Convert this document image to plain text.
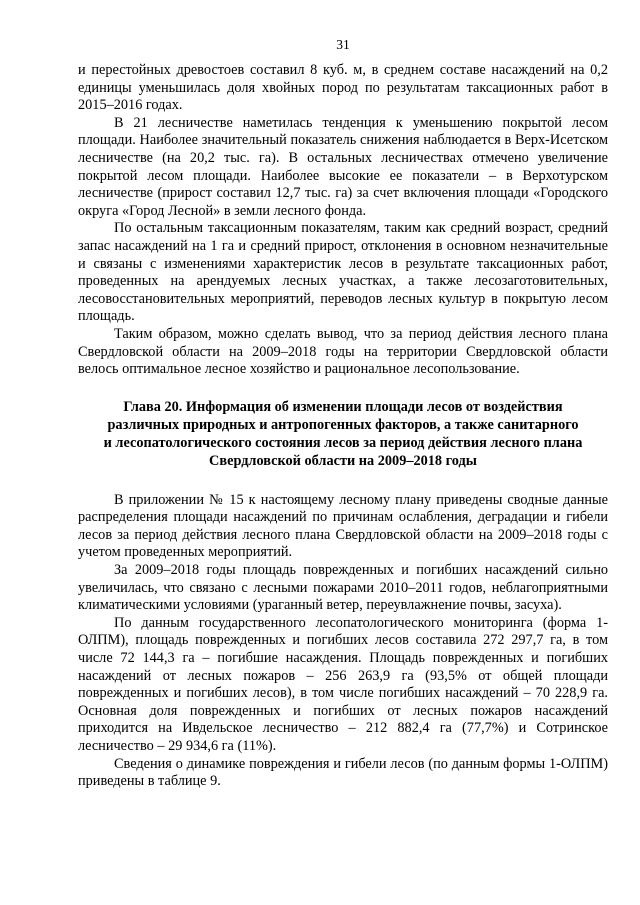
31

и перестойных древостоев составил 8 куб. м, в среднем составе насаждений на 0,2 единицы уменьшилась доля хвойных пород по результатам таксационных работ в 2015–2016 годах.

В 21 лесничестве наметилась тенденция к уменьшению покрытой лесом площади. Наиболее значительный показатель снижения наблюдается в Верх-Исетском лесничестве (на 20,2 тыс. га). В остальных лесничествах отмечено увеличение покрытой лесом площади. Наиболее высокие ее показатели – в Верхотурском лесничестве (прирост составил 12,7 тыс. га) за счет включения площади «Городского округа «Город Лесной» в земли лесного фонда.

По остальным таксационным показателям, таким как средний возраст, средний запас насаждений на 1 га и средний прирост, отклонения в основном незначительные и связаны с изменениями характеристик лесов в результате таксационных работ, проведенных на арендуемых лесных участках, а также лесозаготовительных, лесовосстановительных мероприятий, переводов лесных культур в покрытую лесом площадь.

Таким образом, можно сделать вывод, что за период действия лесного плана Свердловской области на 2009–2018 годы на территории Свердловской области велось оптимальное лесное хозяйство и рациональное лесопользование.

Глава 20. Информация об изменении площади лесов от воздействия
различных природных и антропогенных факторов, а также санитарного
и лесопатологического состояния лесов за период действия лесного плана
Свердловской области на 2009–2018 годы

В приложении № 15 к настоящему лесному плану приведены сводные данные распределения площади насаждений по причинам ослабления, деградации и гибели лесов за период действия лесного плана Свердловской области на 2009–2018 годы с учетом проведенных мероприятий.

За 2009–2018 годы площадь поврежденных и погибших насаждений сильно увеличилась, что связано с лесными пожарами 2010–2011 годов, неблагоприятными климатическими условиями (ураганный ветер, переувлажнение почвы, засуха).

По данным государственного лесопатологического мониторинга (форма 1-ОЛПМ), площадь поврежденных и погибших лесов составила 272 297,7 га, в том числе 72 144,3 га – погибшие насаждения. Площадь поврежденных и погибших насаждений от лесных пожаров – 256 263,9 га (93,5% от общей площади поврежденных и погибших лесов), в том числе погибших насаждений – 70 228,9 га. Основная доля поврежденных и погибших от лесных пожаров насаждений приходится на Ивдельское лесничество – 212 882,4 га (77,7%) и Сотринское лесничество – 29 934,6 га (11%).

Сведения о динамике повреждения и гибели лесов (по данным формы 1-ОЛПМ) приведены в таблице 9.
